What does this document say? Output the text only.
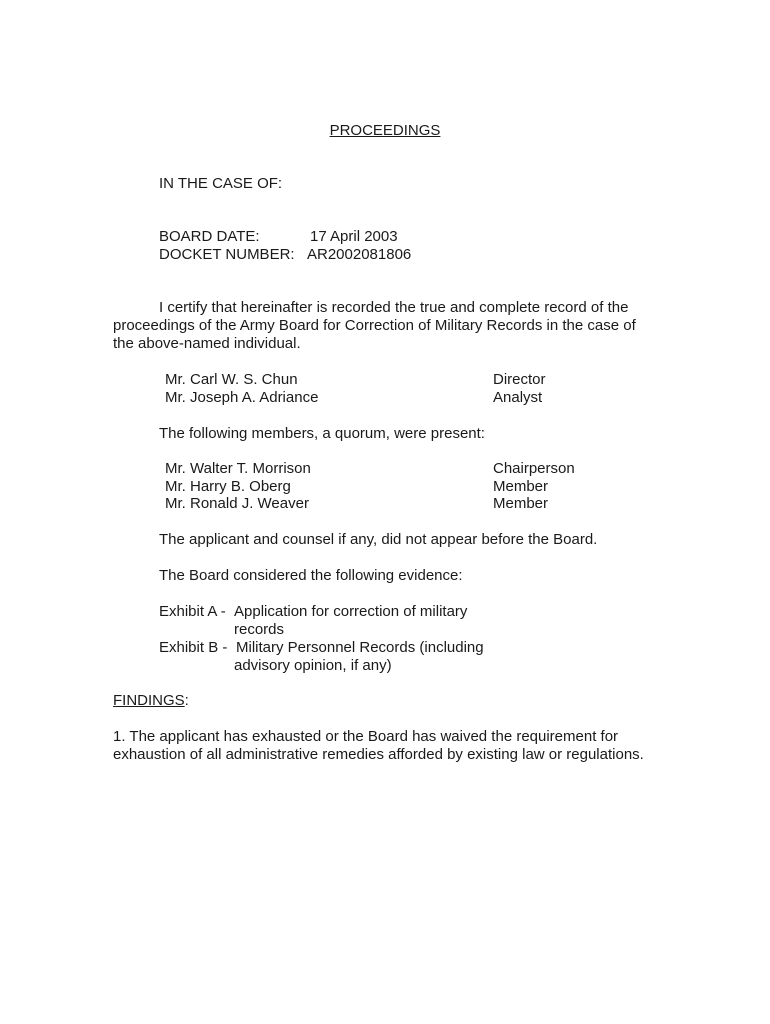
PROCEEDINGS
IN THE CASE OF:
BOARD DATE:	17 April 2003
DOCKET NUMBER: AR2002081806
I certify that hereinafter is recorded the true and complete record of the
proceedings of the Army Board for Correction of Military Records in the case of
the above-named individual.
Mr. Carl W. S. Chun	Director
Mr. Joseph A. Adriance	Analyst
The following members, a quorum, were present:
Mr. Walter T. Morrison	Chairperson
Mr. Harry B. Oberg	Member
Mr. Ronald J. Weaver	Member
The applicant and counsel if any, did not appear before the Board.
The Board considered the following evidence:
Exhibit A - Application for correction of military
records
Exhibit B - Military Personnel Records (including
advisory opinion, if any)
FINDINGS:
1. The applicant has exhausted or the Board has waived the requirement for
exhaustion of all administrative remedies afforded by existing law or regulations.
